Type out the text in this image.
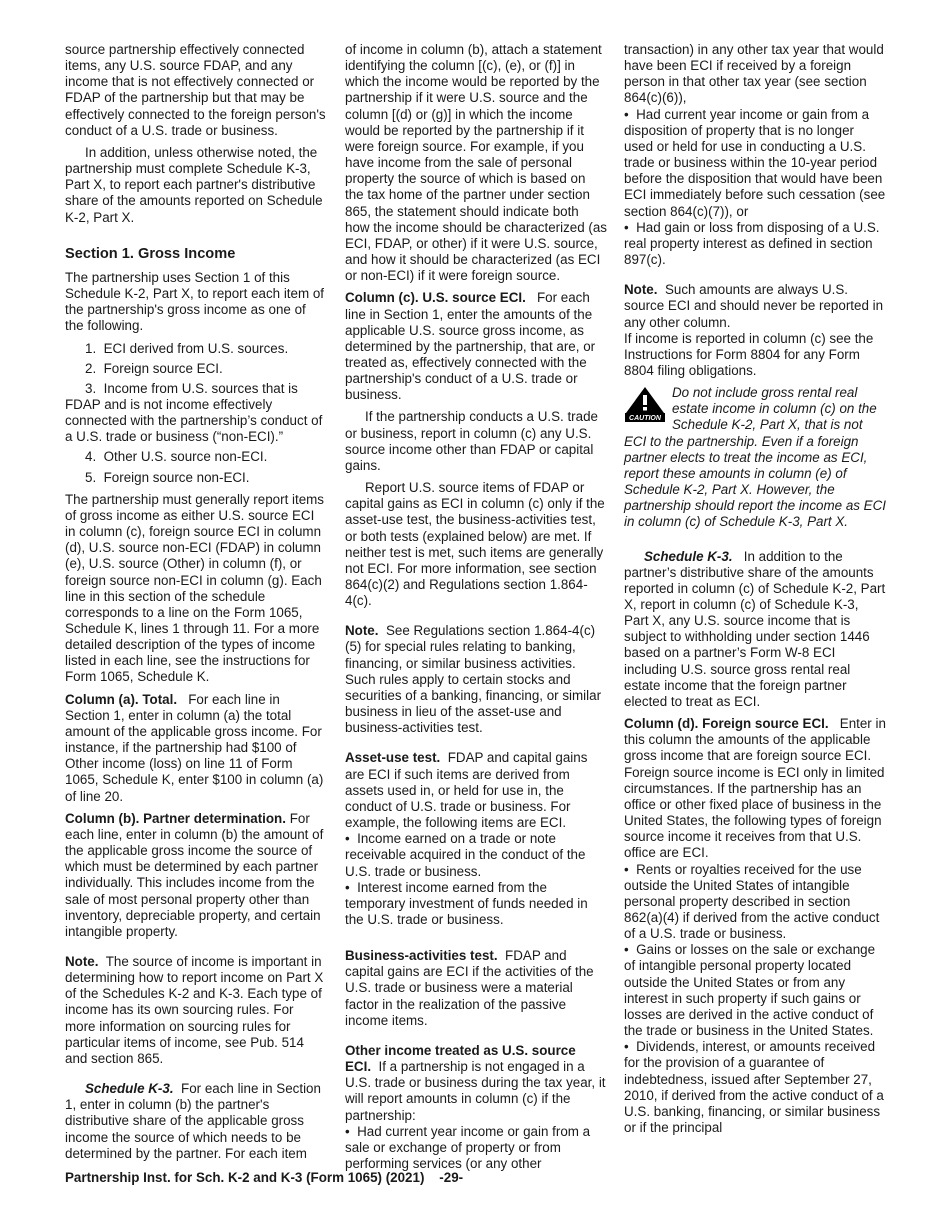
source partnership effectively connected items, any U.S. source FDAP, and any income that is not effectively connected or FDAP of the partnership but that may be effectively connected to the foreign person's conduct of a U.S. trade or business.

In addition, unless otherwise noted, the partnership must complete Schedule K-3, Part X, to report each partner's distributive share of the amounts reported on Schedule K-2, Part X.

Section 1. Gross Income

The partnership uses Section 1 of this Schedule K-2, Part X, to report each item of the partnership's gross income as one of the following.

1.  ECI derived from U.S. sources.

2.  Foreign source ECI.

3.  Income from U.S. sources that is FDAP and is not income effectively connected with the partnership’s conduct of a U.S. trade or business (“non-ECI).”

4.  Other U.S. source non-ECI.

5.  Foreign source non-ECI.

The partnership must generally report items of gross income as either U.S. source ECI in column (c), foreign source ECI in column (d), U.S. source non-ECI (FDAP) in column (e), U.S. source (Other) in column (f), or foreign source non-ECI in column (g). Each line in this section of the schedule corresponds to a line on the Form 1065, Schedule K, lines 1 through 11. For a more detailed description of the types of income listed in each line, see the instructions for Form 1065, Schedule K.

Column (a). Total. For each line in Section 1, enter in column (a) the total amount of the applicable gross income. For instance, if the partnership had $100 of Other income (loss) on line 11 of Form 1065, Schedule K, enter $100 in column (a) of line 20.

Column (b). Partner determination. For each line, enter in column (b) the amount of the applicable gross income the source of which must be determined by each partner individually. This includes income from the sale of most personal property other than inventory, depreciable property, and certain intangible property.

Note. The source of income is important in determining how to report income on Part X of the Schedules K-2 and K-3. Each type of income has its own sourcing rules. For more information on sourcing rules for particular items of income, see Pub. 514 and section 865.

Schedule K-3. For each line in Section 1, enter in column (b) the partner's distributive share of the applicable gross income the source of which needs to be determined by the partner. For each item

of income in column (b), attach a statement identifying the column [(c), (e), or (f)] in which the income would be reported by the partnership if it were U.S. source and the column [(d) or (g)] in which the income would be reported by the partnership if it were foreign source. For example, if you have income from the sale of personal property the source of which is based on the tax home of the partner under section 865, the statement should indicate both how the income should be characterized (as ECI, FDAP, or other) if it were U.S. source, and how it should be characterized (as ECI or non-ECI) if it were foreign source.

Column (c). U.S. source ECI. For each line in Section 1, enter the amounts of the applicable U.S. source gross income, as determined by the partnership, that are, or treated as, effectively connected with the partnership's conduct of a U.S. trade or business.

If the partnership conducts a U.S. trade or business, report in column (c) any U.S. source income other than FDAP or capital gains.

Report U.S. source items of FDAP or capital gains as ECI in column (c) only if the asset-use test, the business-activities test, or both tests (explained below) are met. If neither test is met, such items are generally not ECI. For more information, see section 864(c)(2) and Regulations section 1.864-4(c).

Note. See Regulations section 1.864-4(c)(5) for special rules relating to banking, financing, or similar business activities. Such rules apply to certain stocks and securities of a banking, financing, or similar business in lieu of the asset-use and business-activities test.

Asset-use test. FDAP and capital gains are ECI if such items are derived from assets used in, or held for use in, the conduct of U.S. trade or business. For example, the following items are ECI.

•  Income earned on a trade or note receivable acquired in the conduct of the U.S. trade or business.

•  Interest income earned from the temporary investment of funds needed in the U.S. trade or business.

Business-activities test. FDAP and capital gains are ECI if the activities of the U.S. trade or business were a material factor in the realization of the passive income items.

Other income treated as U.S. source ECI. If a partnership is not engaged in a U.S. trade or business during the tax year, it will report amounts in column (c) if the partnership:

•  Had current year income or gain from a sale or exchange of property or from performing services (or any other

transaction) in any other tax year that would have been ECI if received by a foreign person in that other tax year (see section 864(c)(6)),

•  Had current year income or gain from a disposition of property that is no longer used or held for use in conducting a U.S. trade or business within the 10-year period before the disposition that would have been ECI immediately before such cessation (see section 864(c)(7)), or

•  Had gain or loss from disposing of a U.S. real property interest as defined in section 897(c).

Note. Such amounts are always U.S. source ECI and should never be reported in any other column.

If income is reported in column (c) see the Instructions for Form 8804 for any Form 8804 filing obligations.

CAUTION
Do not include gross rental real estate income in column (c) on the Schedule K-2, Part X, that is not ECI to the partnership. Even if a foreign partner elects to treat the income as ECI, report these amounts in column (e) of Schedule K-2, Part X. However, the partnership should report the income as ECI in column (c) of Schedule K-3, Part X.

Schedule K-3. In addition to the partner’s distributive share of the amounts reported in column (c) of Schedule K-2, Part X, report in column (c) of Schedule K-3, Part X, any U.S. source income that is subject to withholding under section 1446 based on a partner’s Form W-8 ECI including U.S. source gross rental real estate income that the foreign partner elected to treat as ECI.

Column (d). Foreign source ECI. Enter in this column the amounts of the applicable gross income that are foreign source ECI. Foreign source income is ECI only in limited circumstances. If the partnership has an office or other fixed place of business in the United States, the following types of foreign source income it receives from that U.S. office are ECI.

•  Rents or royalties received for the use outside the United States of intangible personal property described in section 862(a)(4) if derived from the active conduct of a U.S. trade or business.

•  Gains or losses on the sale or exchange of intangible personal property located outside the United States or from any interest in such property if such gains or losses are derived in the active conduct of the trade or business in the United States.

•  Dividends, interest, or amounts received for the provision of a guarantee of indebtedness, issued after September 27, 2010, if derived from the active conduct of a U.S. banking, financing, or similar business or if the principal

Partnership Inst. for Sch. K-2 and K-3 (Form 1065) (2021)    -29-
